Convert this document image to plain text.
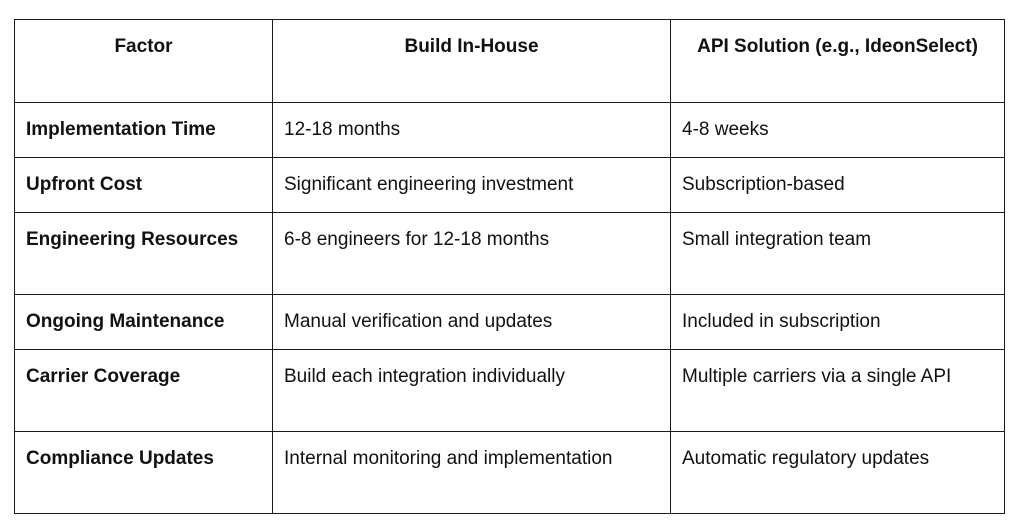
Factor	Build In-House	API Solution (e.g., IdeonSelect)
Implementation Time	12-18 months	4-8 weeks
Upfront Cost	Significant engineering investment	Subscription-based
Engineering Resources	6-8 engineers for 12-18 months	Small integration team
Ongoing Maintenance	Manual verification and updates	Included in subscription
Carrier Coverage	Build each integration individually	Multiple carriers via a single API
Compliance Updates	Internal monitoring and implementation	Automatic regulatory updates
